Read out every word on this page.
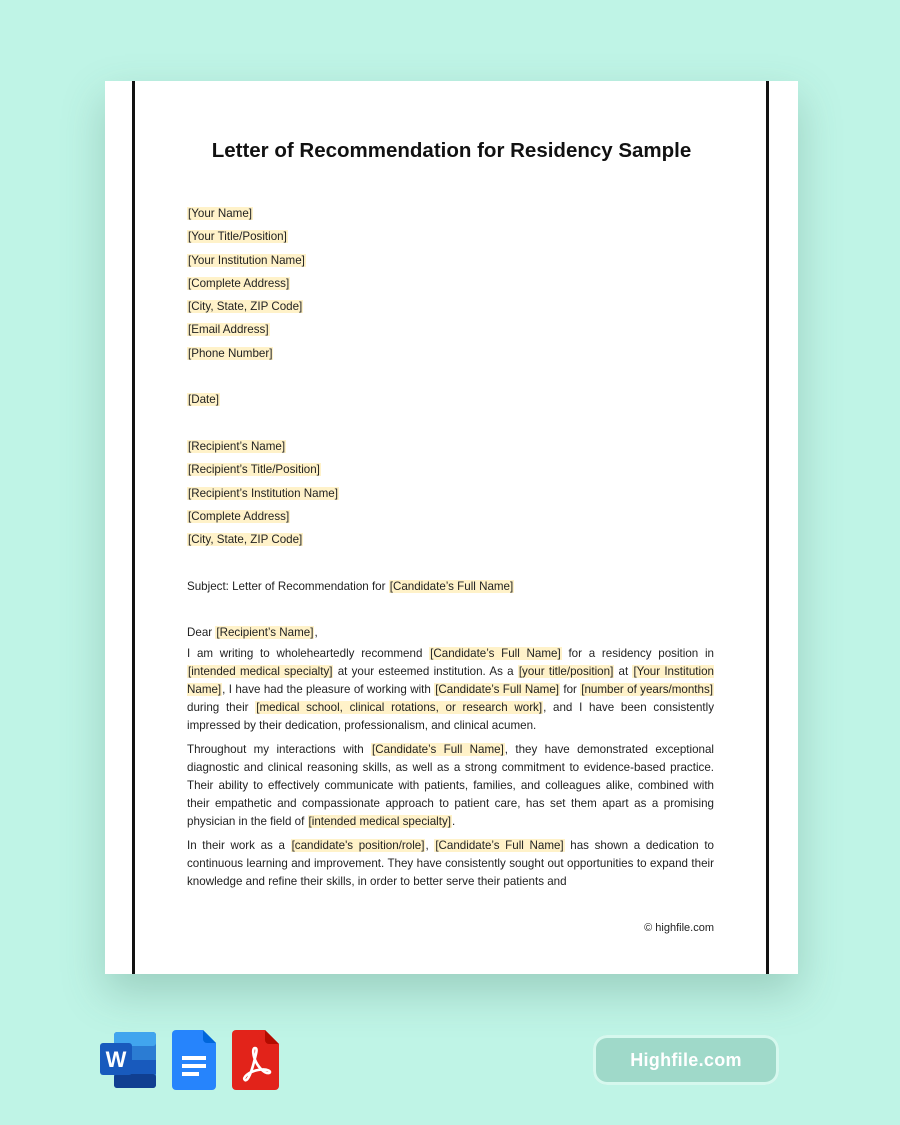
Letter of Recommendation for Residency Sample
[Your Name]
[Your Title/Position]
[Your Institution Name]
[Complete Address]
[City, State, ZIP Code]
[Email Address]
[Phone Number]
[Date]
[Recipient’s Name]
[Recipient’s Title/Position]
[Recipient’s Institution Name]
[Complete Address]
[City, State, ZIP Code]
Subject: Letter of Recommendation for [Candidate’s Full Name]
Dear [Recipient’s Name],
I am writing to wholeheartedly recommend [Candidate’s Full Name] for a residency position in [intended medical specialty] at your esteemed institution. As a [your title/position] at [Your Institution Name], I have had the pleasure of working with [Candidate’s Full Name] for [number of years/months] during their [medical school, clinical rotations, or research work], and I have been consistently impressed by their dedication, professionalism, and clinical acumen.
Throughout my interactions with [Candidate’s Full Name], they have demonstrated exceptional diagnostic and clinical reasoning skills, as well as a strong commitment to evidence-based practice. Their ability to effectively communicate with patients, families, and colleagues alike, combined with their empathetic and compassionate approach to patient care, has set them apart as a promising physician in the field of [intended medical specialty].
In their work as a [candidate's position/role], [Candidate’s Full Name] has shown a dedication to continuous learning and improvement. They have consistently sought out opportunities to expand their knowledge and refine their skills, in order to better serve their patients and
© highfile.com
W	Highfile.com
